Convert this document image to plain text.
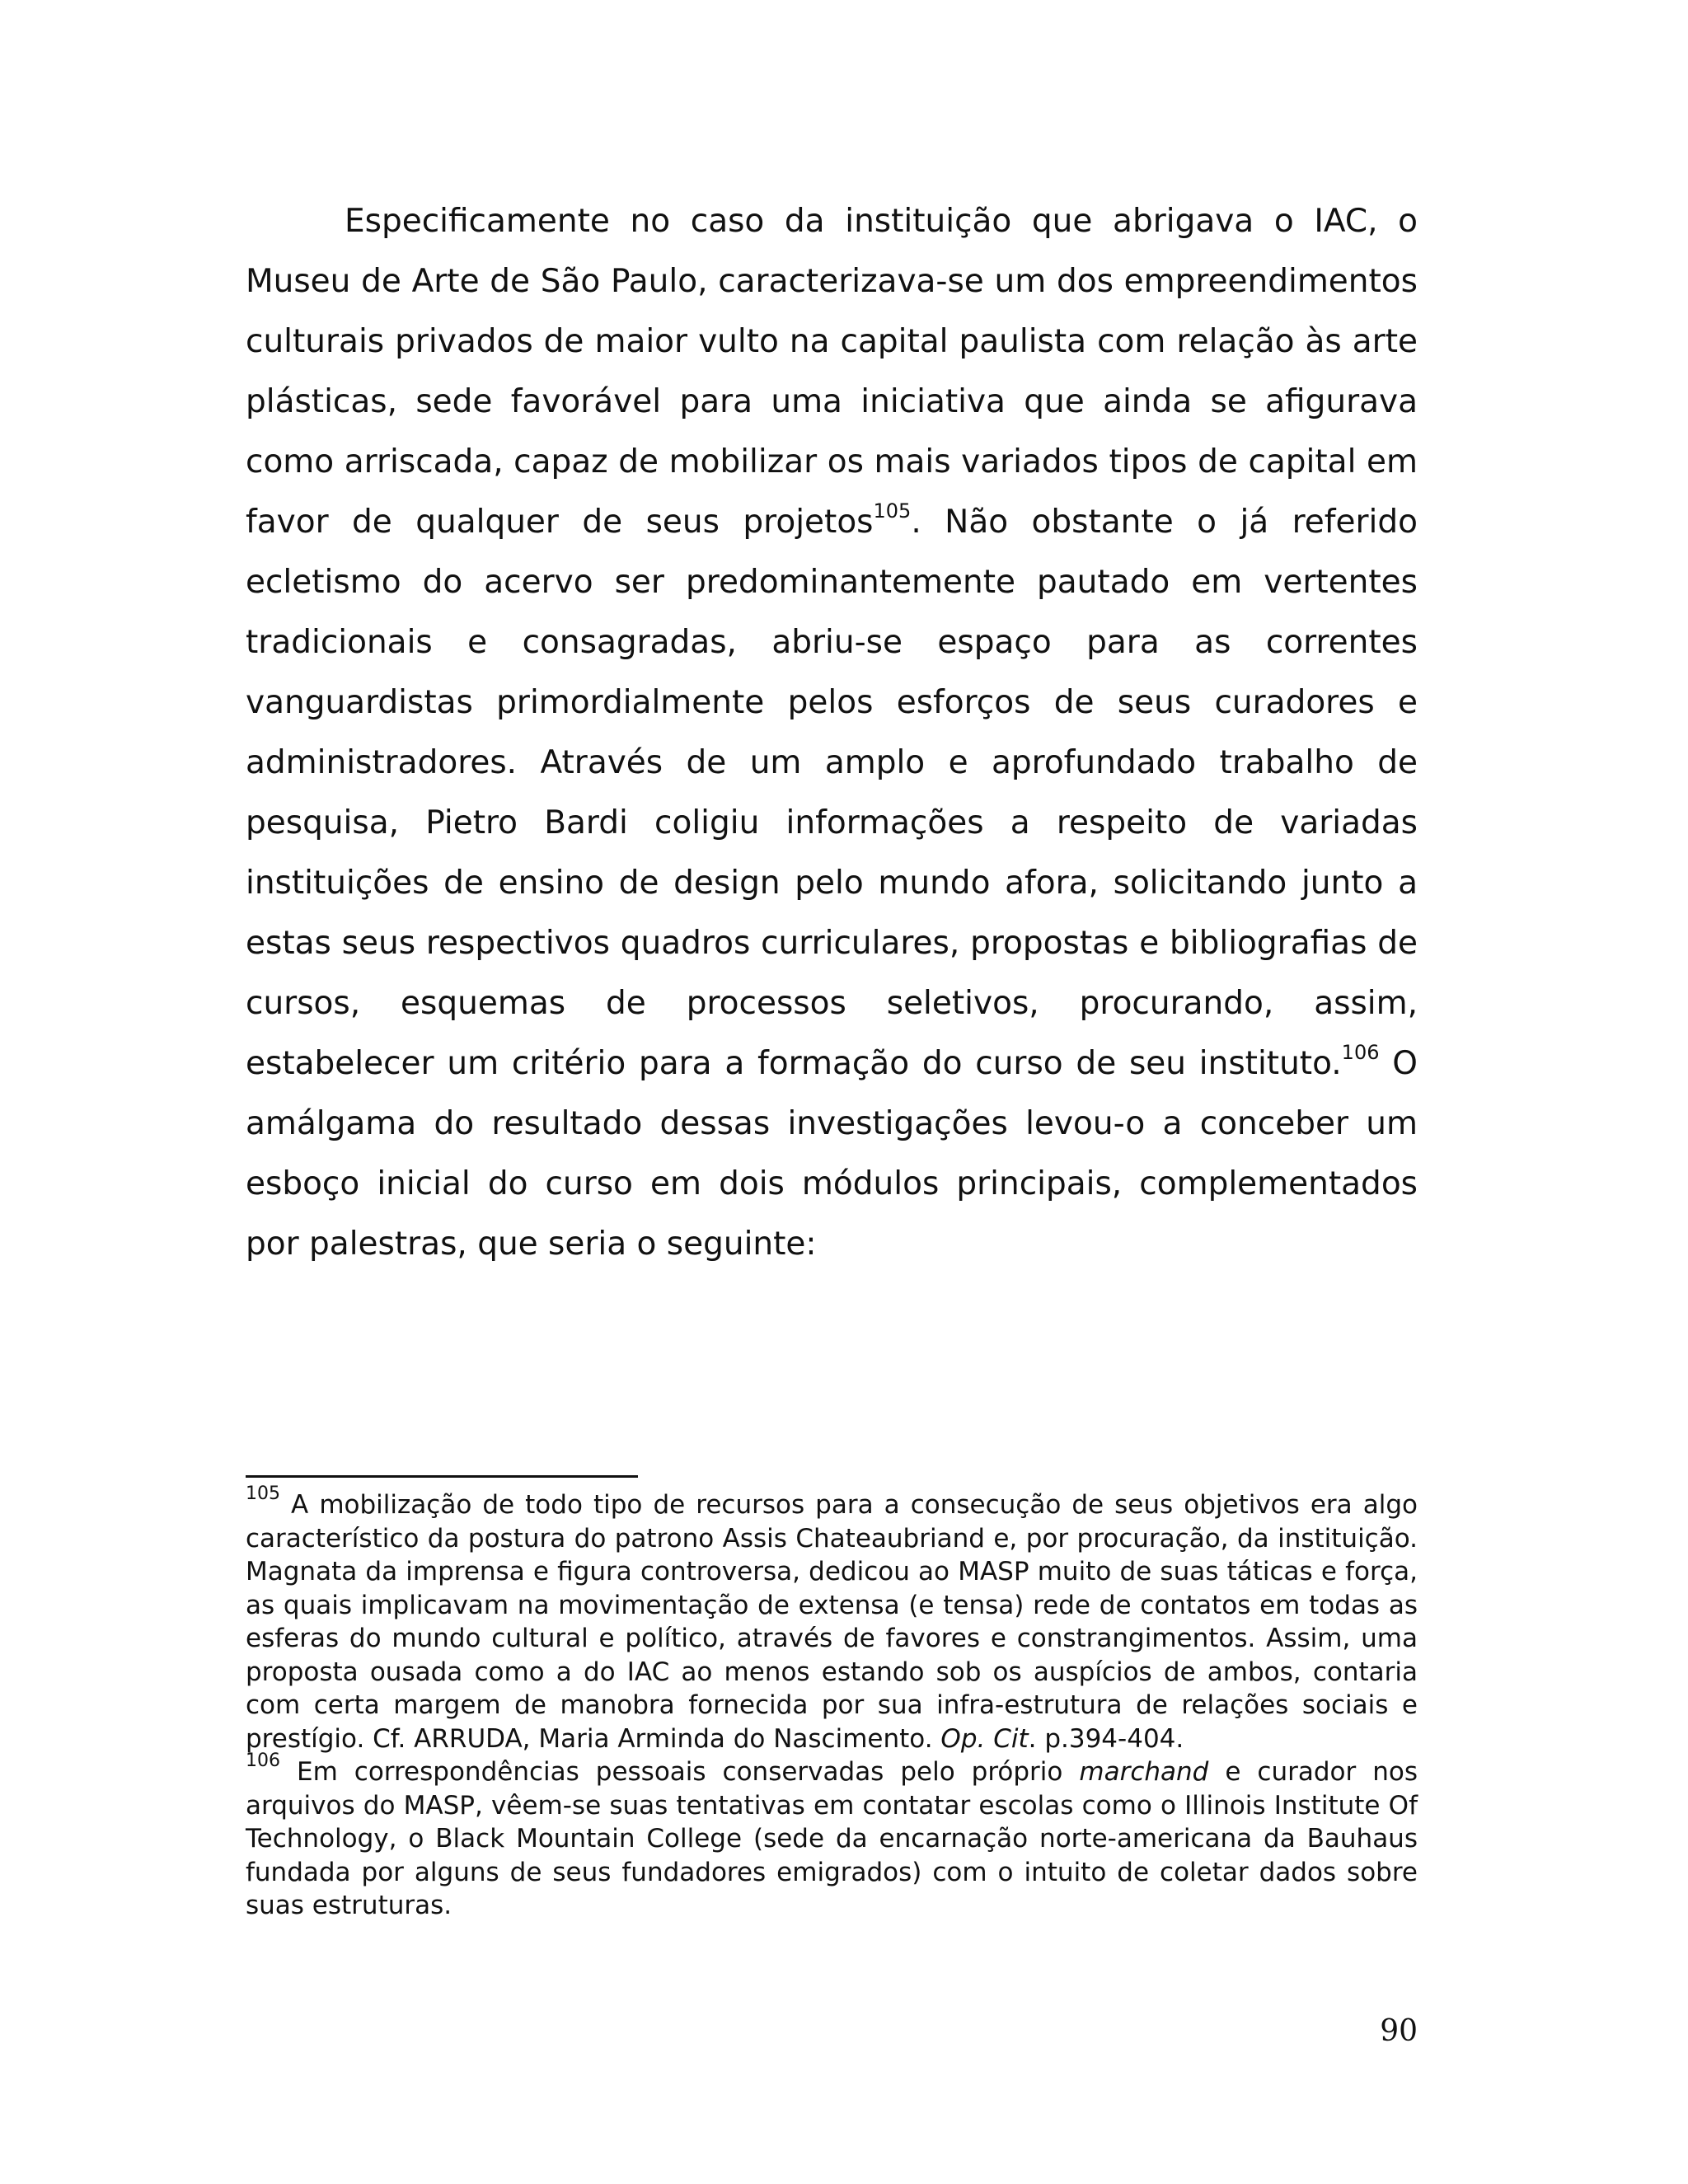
Especificamente no caso da instituição que abrigava o IAC, o Museu de Arte de São Paulo, caracterizava-se um dos empreendimentos culturais privados de maior vulto na capital paulista com relação às arte plásticas, sede favorável para uma iniciativa que ainda se afigurava como arriscada, capaz de mobilizar os mais variados tipos de capital em favor de qualquer de seus projetos$^{105}$. Não obstante o já referido ecletismo do acervo ser predominantemente pautado em vertentes tradicionais e consagradas, abriu-se espaço para as correntes vanguardistas primordialmente pelos esforços de seus curadores e administradores. Através de um amplo e aprofundado trabalho de pesquisa, Pietro Bardi coligiu informações a respeito de variadas instituições de ensino de design pelo mundo afora, solicitando junto a estas seus respectivos quadros curriculares, propostas e bibliografias de cursos, esquemas de processos seletivos, procurando, assim, estabelecer um critério para a formação do curso de seu instituto.$^{106}$ O amálgama do resultado dessas investigações levou-o a conceber um esboço inicial do curso em dois módulos principais, complementados por palestras, que seria o seguinte:

$^{105}$ A mobilização de todo tipo de recursos para a consecução de seus objetivos era algo característico da postura do patrono Assis Chateaubriand e, por procuração, da instituição. Magnata da imprensa e figura controversa, dedicou ao MASP muito de suas táticas e força, as quais implicavam na movimentação de extensa (e tensa) rede de contatos em todas as esferas do mundo cultural e político, através de favores e constrangimentos. Assim, uma proposta ousada como a do IAC ao menos estando sob os auspícios de ambos, contaria com certa margem de manobra fornecida por sua infra-estrutura de relações sociais e prestígio. Cf. ARRUDA, Maria Arminda do Nascimento. Op. Cit. p.394-404.

$^{106}$ Em correspondências pessoais conservadas pelo próprio marchand e curador nos arquivos do MASP, vêem-se suas tentativas em contatar escolas como o Illinois Institute Of Technology, o Black Mountain College (sede da encarnação norte-americana da Bauhaus fundada por alguns de seus fundadores emigrados) com o intuito de coletar dados sobre suas estruturas.

90
